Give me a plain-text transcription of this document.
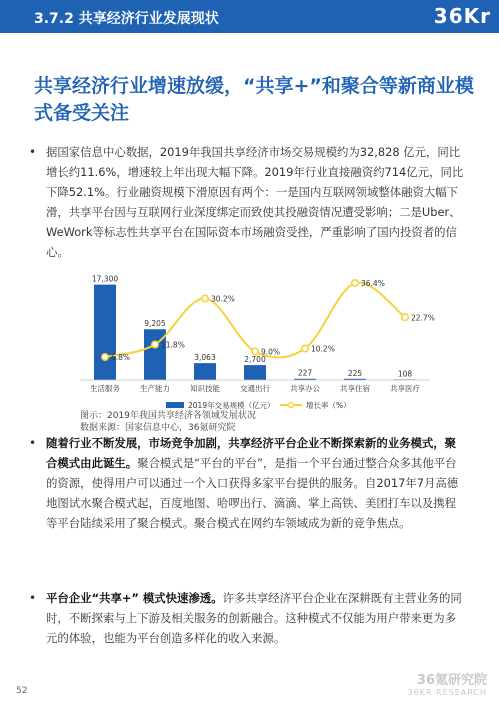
3.7.2 共享经济行业发展现状	36Kr
共享经济行业增速放缓，“共享+”和聚合等新商业模式备受关注
• 据国家信息中心数据，2019年我国共享经济市场交易规模约为32,828 亿元，同比增长约11.6%，增速较上年出现大幅下降。2019年行业直接融资约714亿元，同比下降52.1%。行业融资规模下滑原因有两个：一是国内互联网领域整体融资大幅下滑，共享平台因与互联网行业深度绑定而致使其投融资情况遭受影响；二是Uber、WeWork等标志性共享平台在国际资本市场融资受挫，严重影响了国内投资者的信心。
17,300
9,205
3,063	2,700
227	225	108
6.8%
11.8%
30.2%
9.0%	10.2%
36.4%
22.7%
生活服务	生产能力	知识技能	交通出行	共享办公	共享住宿	共享医疗
2019年交易规模（亿元）	增长率（%）
图示：2019年我国共享经济各领域发展状况
数据来源：国家信息中心，36氪研究院
• 随着行业不断发展，市场竞争加剧，共享经济平台企业不断探索新的业务模式，聚合模式由此诞生。聚合模式是“平台的平台”，是指一个平台通过整合众多其他平台的资源，使得用户可以通过一个入口获得多家平台提供的服务。自2017年7月高德地图试水聚合模式起，百度地图、哈啰出行、滴滴、掌上高铁、美团打车以及携程等平台陆续采用了聚合模式。聚合模式在网约车领域成为新的竞争焦点。
• 平台企业“共享+” 模式快速渗透。许多共享经济平台企业在深耕既有主营业务的同时，不断探索与上下游及相关服务的创新融合。这种模式不仅能为用户带来更为多元的体验，也能为平台创造多样化的收入来源。
36氪研究院
36KR RESEARCH
52
